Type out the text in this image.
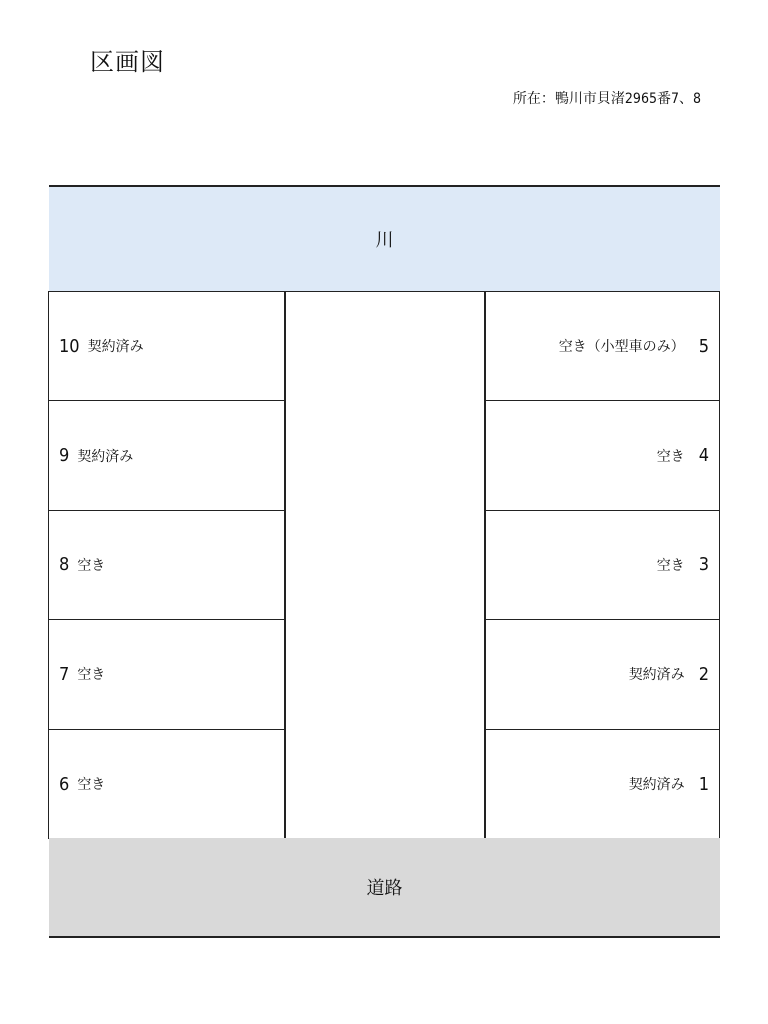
区画図
所在：鴨川市貝渚2965番7、8
川
10 契約済み
9 契約済み
8 空き
7 空き
6 空き
空き（小型車のみ） 5
空き 4
空き 3
契約済み 2
契約済み 1
道路
